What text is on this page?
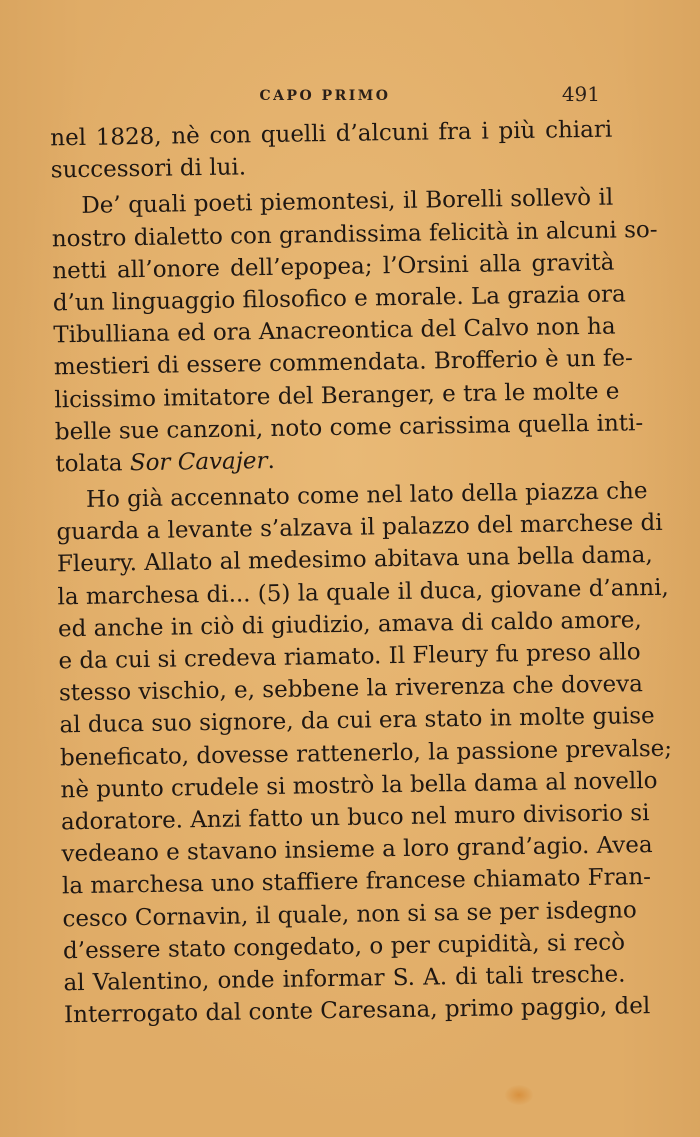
CAPO PRIMO	491
nel 1828, nè con quelli d’alcuni fra i più chiari
successori di lui.
De’ quali poeti piemontesi, il Borelli sollevò il
nostro dialetto con grandissima felicità in alcuni so-
netti all’onore dell’epopea; l’Orsini alla gravità
d’un linguaggio filosofico e morale. La grazia ora
Tibulliana ed ora Anacreontica del Calvo non ha
mestieri di essere commendata. Brofferio è un fe-
licissimo imitatore del Beranger, e tra le molte e
belle sue canzoni, noto come carissima quella inti-
tolata Sor Cavajer.
Ho già accennato come nel lato della piazza che
guarda a levante s’alzava il palazzo del marchese di
Fleury. Allato al medesimo abitava una bella dama,
la marchesa di... (5) la quale il duca, giovane d’anni,
ed anche in ciò di giudizio, amava di caldo amore,
e da cui si credeva riamato. Il Fleury fu preso allo
stesso vischio, e, sebbene la riverenza che doveva
al duca suo signore, da cui era stato in molte guise
beneficato, dovesse rattenerlo, la passione prevalse;
nè punto crudele si mostrò la bella dama al novello
adoratore. Anzi fatto un buco nel muro divisorio si
vedeano e stavano insieme a loro grand’agio. Avea
la marchesa uno staffiere francese chiamato Fran-
cesco Cornavin, il quale, non si sa se per isdegno
d’essere stato congedato, o per cupidità, si recò
al Valentino, onde informar S. A. di tali tresche.
Interrogato dal conte Caresana, primo paggio, del
